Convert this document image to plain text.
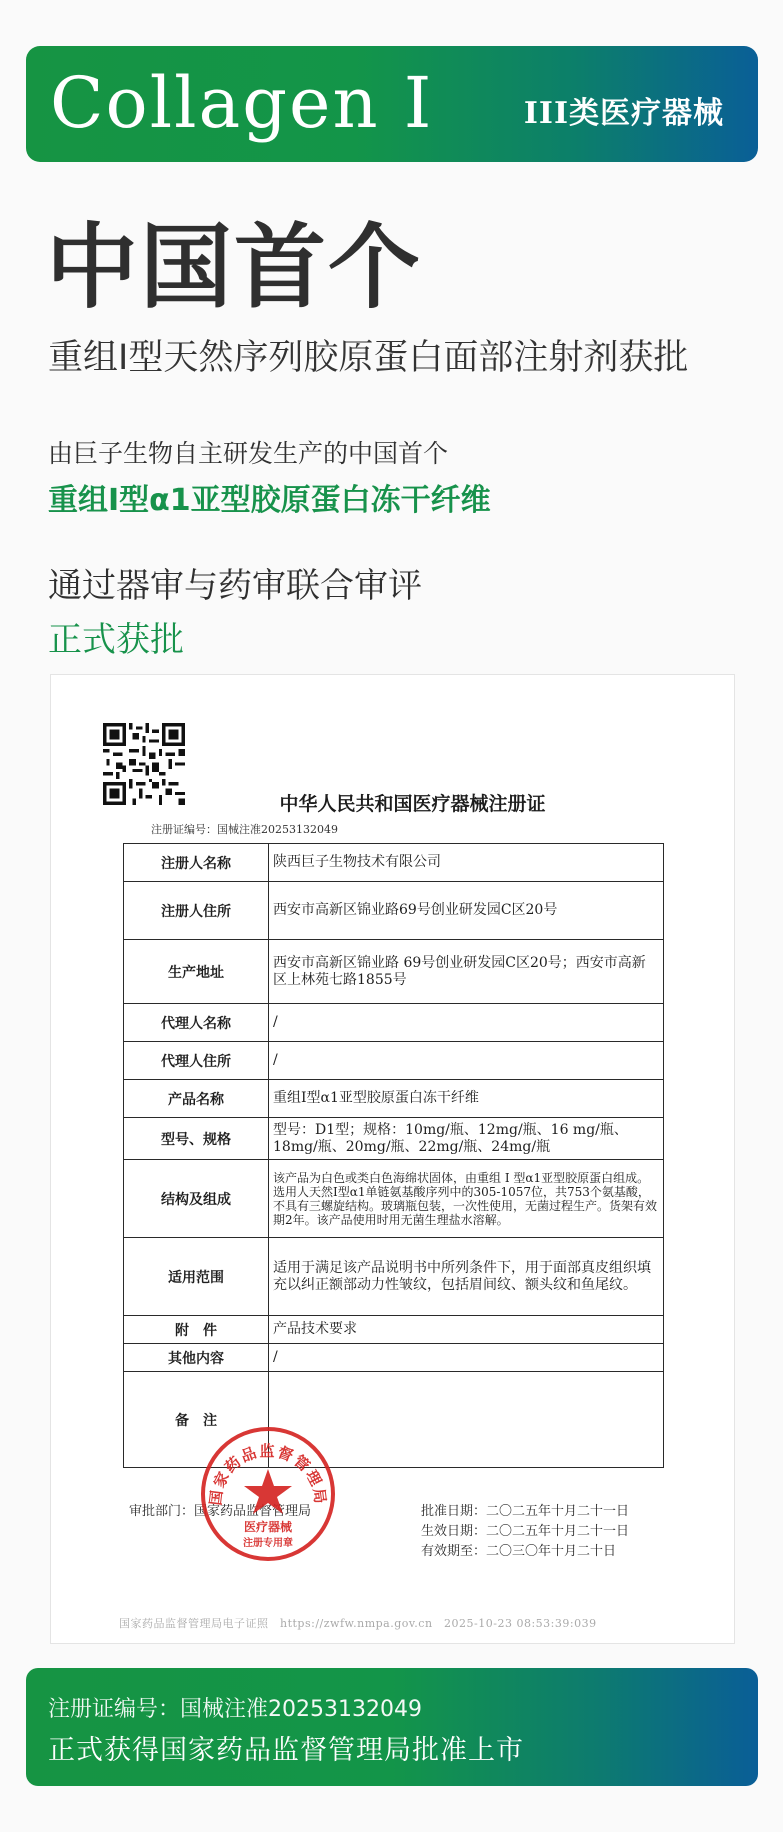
Collagen I	III类医疗器械
中国首个
重组I型天然序列胶原蛋白面部注射剂获批
由巨子生物自主研发生产的中国首个
重组I型α1亚型胶原蛋白冻干纤维
通过器审与药审联合审评
正式获批
中华人民共和国医疗器械注册证
注册证编号：国械注准20253132049
注册人名称	陕西巨子生物技术有限公司
注册人住所	西安市高新区锦业路69号创业研发园C区20号
生产地址	西安市高新区锦业路 69号创业研发园C区20号；西安市高新区上林苑七路1855号
代理人名称	/
代理人住所	/
产品名称	重组I型α1亚型胶原蛋白冻干纤维
型号、规格	型号：D1型；规格：10mg/瓶、12mg/瓶、16 mg/瓶、18mg/瓶、20mg/瓶、22mg/瓶、24mg/瓶
结构及组成	该产品为白色或类白色海绵状固体，由重组 I 型α1亚型胶原蛋白组成。选用人天然I型α1单链氨基酸序列中的305-1057位，共753个氨基酸，不具有三螺旋结构。玻璃瓶包装，一次性使用，无菌过程生产。货架有效期2年。该产品使用时用无菌生理盐水溶解。
适用范围	适用于满足该产品说明书中所列条件下，用于面部真皮组织填充以纠正额部动力性皱纹，包括眉间纹、额头纹和鱼尾纹。
附　件	产品技术要求
其他内容	/
备　注	
审批部门：国家药品监督管理局	批准日期：二〇二五年十月二十一日
生效日期：二〇二五年十月二十一日
有效期至：二〇三〇年十月二十日
国家药品监督管理局
医疗器械
注册专用章
国家药品监督管理局电子证照　https://zwfw.nmpa.gov.cn　2025-10-23 08:53:39:039
注册证编号：国械注准20253132049
正式获得国家药品监督管理局批准上市
